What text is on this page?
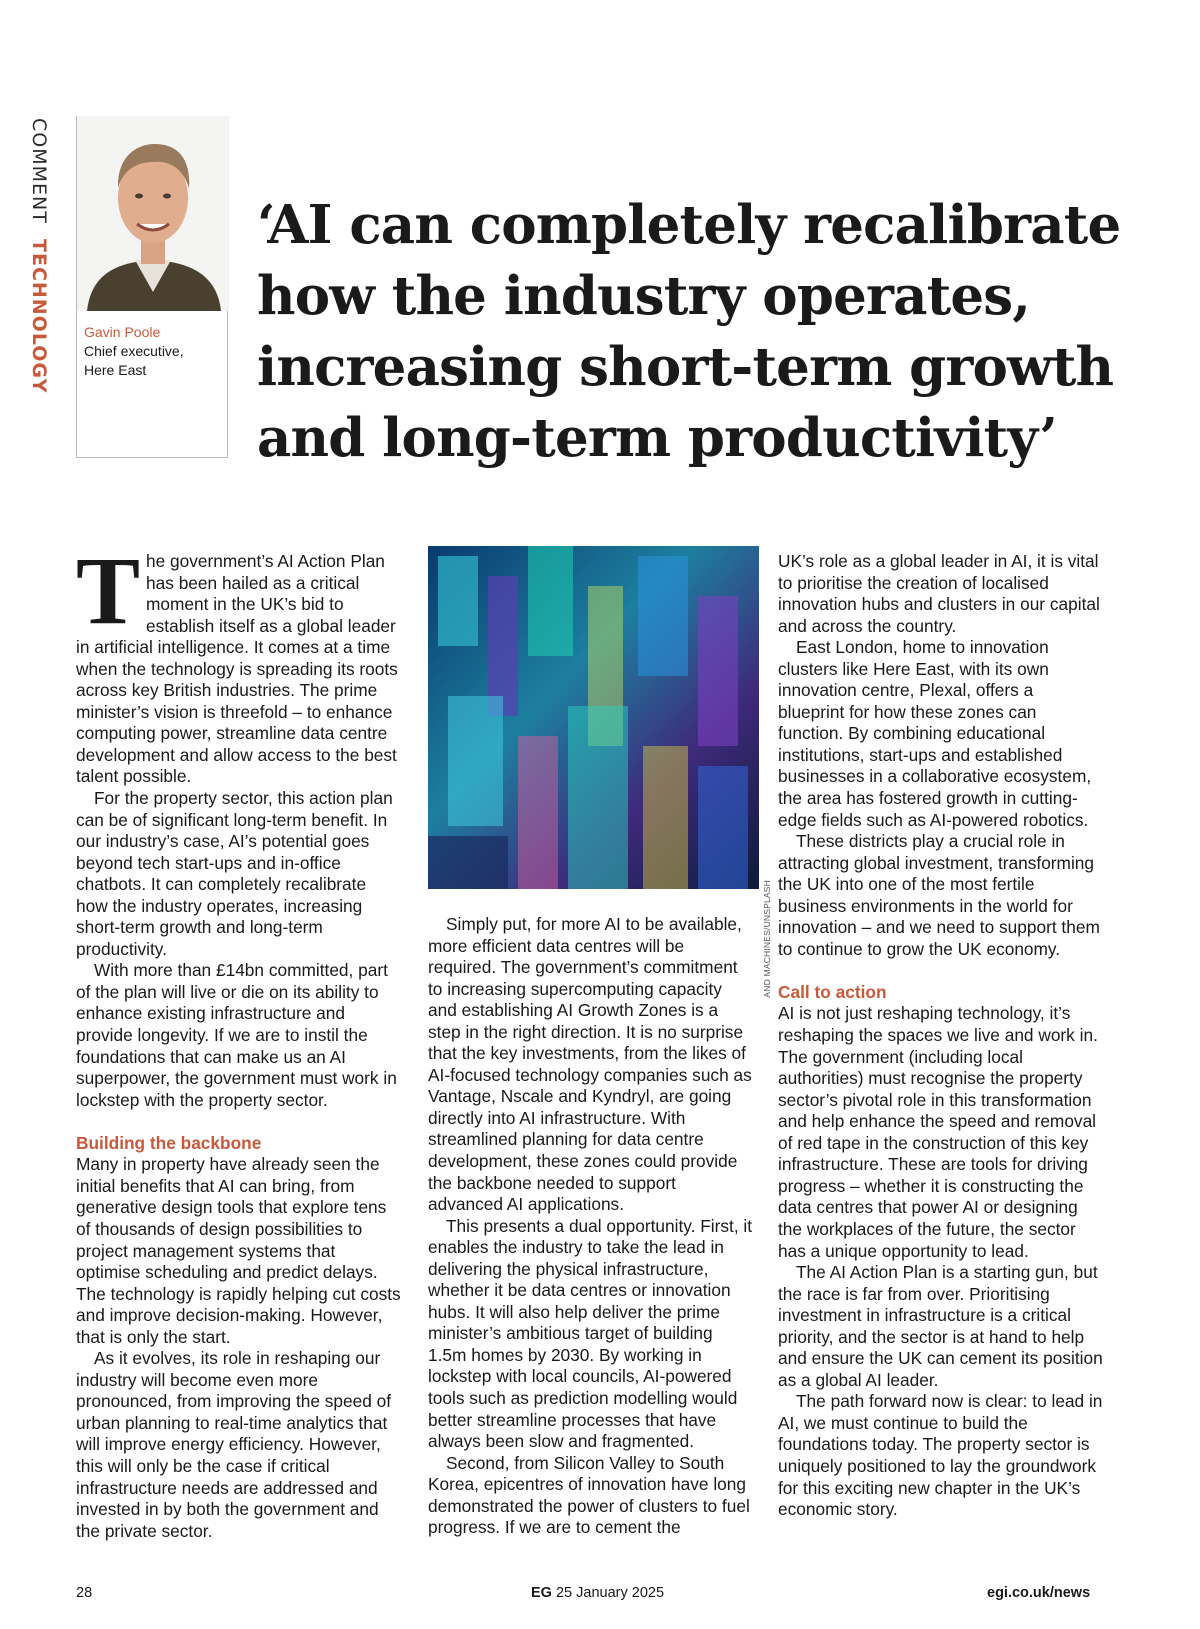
COMMENT TECHNOLOGY Gavin Poole
Chief executive,
Here East
‘AI can completely recalibrate how the industry operates, increasing short-term growth and long-term productivity’

The government’s AI Action Plan has been hailed as a critical moment in the UK’s bid to establish itself as a global leader in artificial intelligence. It comes at a time when the technology is spreading its roots across key British industries. The prime minister’s vision is threefold – to enhance computing power, streamline data centre development and allow access to the best talent possible.

For the property sector, this action plan can be of significant long-term benefit. In our industry’s case, AI’s potential goes beyond tech start-ups and in-office chatbots. It can completely recalibrate how the industry operates, increasing short-term growth and long-term productivity.

With more than £14bn committed, part of the plan will live or die on its ability to enhance existing infrastructure and provide longevity. If we are to instil the foundations that can make us an AI superpower, the government must work in lockstep with the property sector.

Building the backbone

Many in property have already seen the initial benefits that AI can bring, from generative design tools that explore tens of thousands of design possibilities to project management systems that optimise scheduling and predict delays. The technology is rapidly helping cut costs and improve decision-making. However, that is only the start.

As it evolves, its role in reshaping our industry will become even more pronounced, from improving the speed of urban planning to real-time analytics that will improve energy efficiency. However, this will only be the case if critical infrastructure needs are addressed and invested in by both the government and the private sector.

AND MACHINES/UNSPLASH

Simply put, for more AI to be available, more efficient data centres will be required. The government’s commitment to increasing supercomputing capacity and establishing AI Growth Zones is a step in the right direction. It is no surprise that the key investments, from the likes of AI-focused technology companies such as Vantage, Nscale and Kyndryl, are going directly into AI infrastructure. With streamlined planning for data centre development, these zones could provide the backbone needed to support advanced AI applications.

This presents a dual opportunity. First, it enables the industry to take the lead in delivering the physical infrastructure, whether it be data centres or innovation hubs. It will also help deliver the prime minister’s ambitious target of building 1.5m homes by 2030. By working in lockstep with local councils, AI-powered tools such as prediction modelling would better streamline processes that have always been slow and fragmented.

Second, from Silicon Valley to South Korea, epicentres of innovation have long demonstrated the power of clusters to fuel progress. If we are to cement the

UK’s role as a global leader in AI, it is vital to prioritise the creation of localised innovation hubs and clusters in our capital and across the country.

East London, home to innovation clusters like Here East, with its own innovation centre, Plexal, offers a blueprint for how these zones can function. By combining educational institutions, start-ups and established businesses in a collaborative ecosystem, the area has fostered growth in cutting-edge fields such as AI-powered robotics.

These districts play a crucial role in attracting global investment, transforming the UK into one of the most fertile business environments in the world for innovation – and we need to support them to continue to grow the UK economy.

Call to action

AI is not just reshaping technology, it’s reshaping the spaces we live and work in. The government (including local authorities) must recognise the property sector’s pivotal role in this transformation and help enhance the speed and removal of red tape in the construction of this key infrastructure. These are tools for driving progress – whether it is constructing the data centres that power AI or designing the workplaces of the future, the sector has a unique opportunity to lead.

The AI Action Plan is a starting gun, but the race is far from over. Prioritising investment in infrastructure is a critical priority, and the sector is at hand to help and ensure the UK can cement its position as a global AI leader.

The path forward now is clear: to lead in AI, we must continue to build the foundations today. The property sector is uniquely positioned to lay the groundwork for this exciting new chapter in the UK’s economic story.

28	EG 25 January 2025	egi.co.uk/news
